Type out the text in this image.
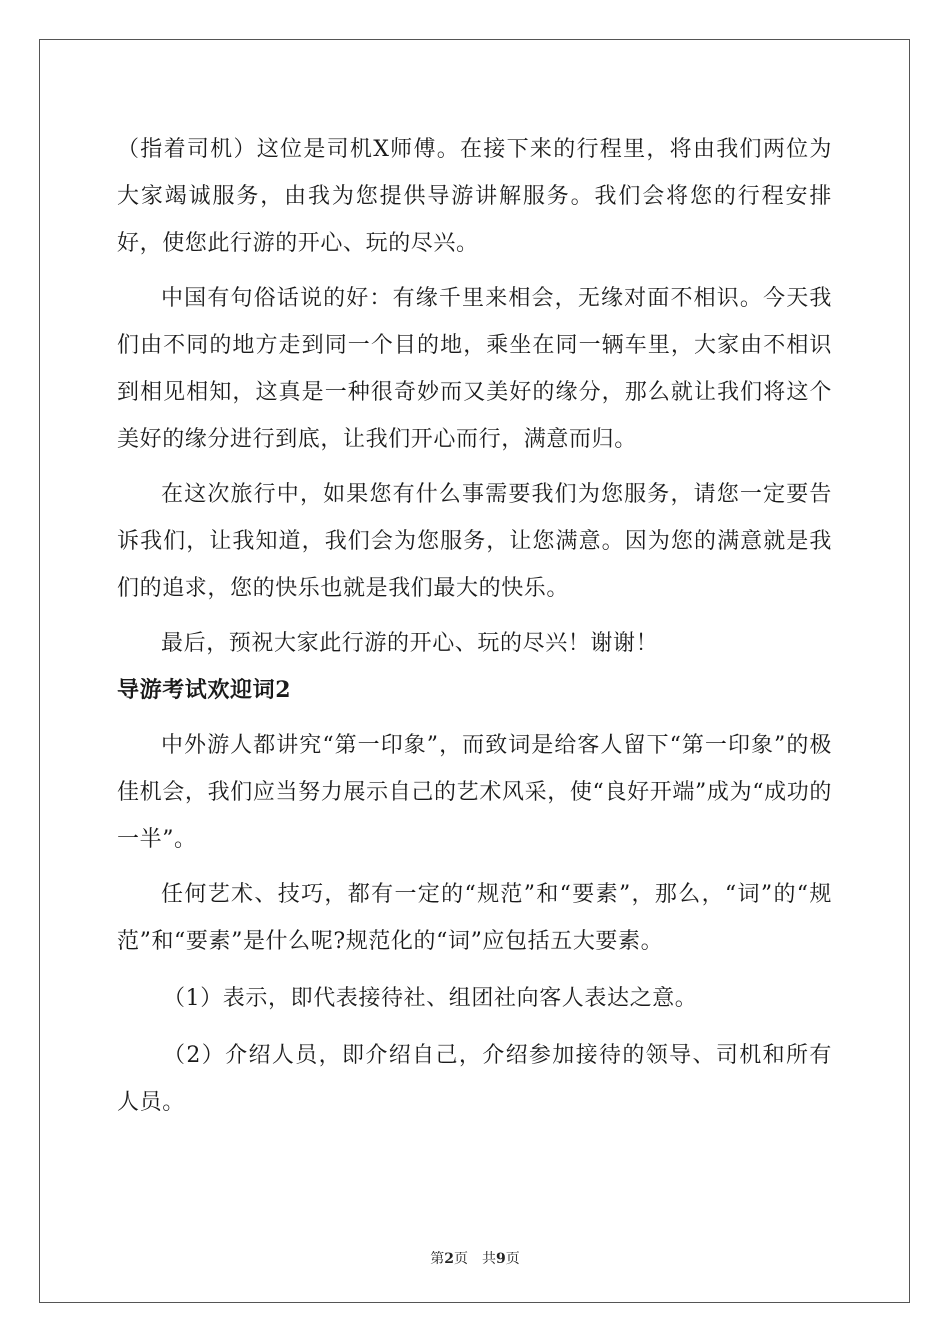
（指着司机）这位是司机X师傅。在接下来的行程里，将由我们两位为大家竭诚服务，由我为您提供导游讲解服务。我们会将您的行程安排好，使您此行游的开心、玩的尽兴。

中国有句俗话说的好：有缘千里来相会，无缘对面不相识。今天我们由不同的地方走到同一个目的地，乘坐在同一辆车里，大家由不相识到相见相知，这真是一种很奇妙而又美好的缘分，那么就让我们将这个美好的缘分进行到底，让我们开心而行，满意而归。

在这次旅行中，如果您有什么事需要我们为您服务，请您一定要告诉我们，让我知道，我们会为您服务，让您满意。因为您的满意就是我们的追求，您的快乐也就是我们最大的快乐。

最后，预祝大家此行游的开心、玩的尽兴！谢谢！

导游考试欢迎词2

中外游人都讲究“第一印象”，而致词是给客人留下“第一印象”的极佳机会，我们应当努力展示自己的艺术风采，使“良好开端”成为“成功的一半”。

任何艺术、技巧，都有一定的“规范”和“要素”，那么，“词”的“规范”和“要素”是什么呢?规范化的“词”应包括五大要素。

（1）表示，即代表接待社、组团社向客人表达之意。

（2）介绍人员，即介绍自己，介绍参加接待的领导、司机和所有人员。

第2页 共9页
